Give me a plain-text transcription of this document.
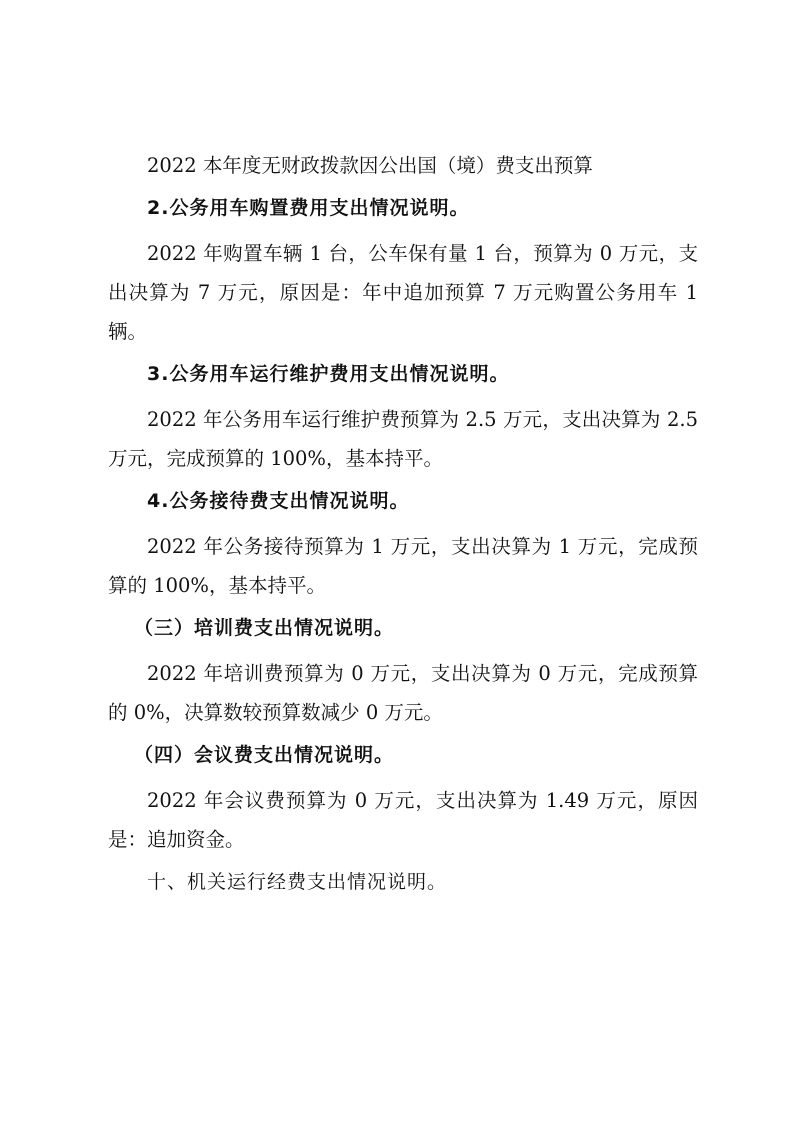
2022 本年度无财政拨款因公出国（境）费支出预算

2.公务用车购置费用支出情况说明。

2022 年购置车辆 1 台，公车保有量 1 台，预算为 0 万元，支出决算为 7 万元，原因是：年中追加预算 7 万元购置公务用车 1 辆。

3.公务用车运行维护费用支出情况说明。

2022 年公务用车运行维护费预算为 2.5 万元，支出决算为 2.5 万元，完成预算的 100%，基本持平。

4.公务接待费支出情况说明。

2022 年公务接待预算为 1 万元，支出决算为 1 万元，完成预算的 100%，基本持平。

（三）培训费支出情况说明。

2022 年培训费预算为 0 万元，支出决算为 0 万元，完成预算的 0%，决算数较预算数减少 0 万元。

（四）会议费支出情况说明。

2022 年会议费预算为 0 万元，支出决算为 1.49 万元，原因是：追加资金。

十、机关运行经费支出情况说明。
